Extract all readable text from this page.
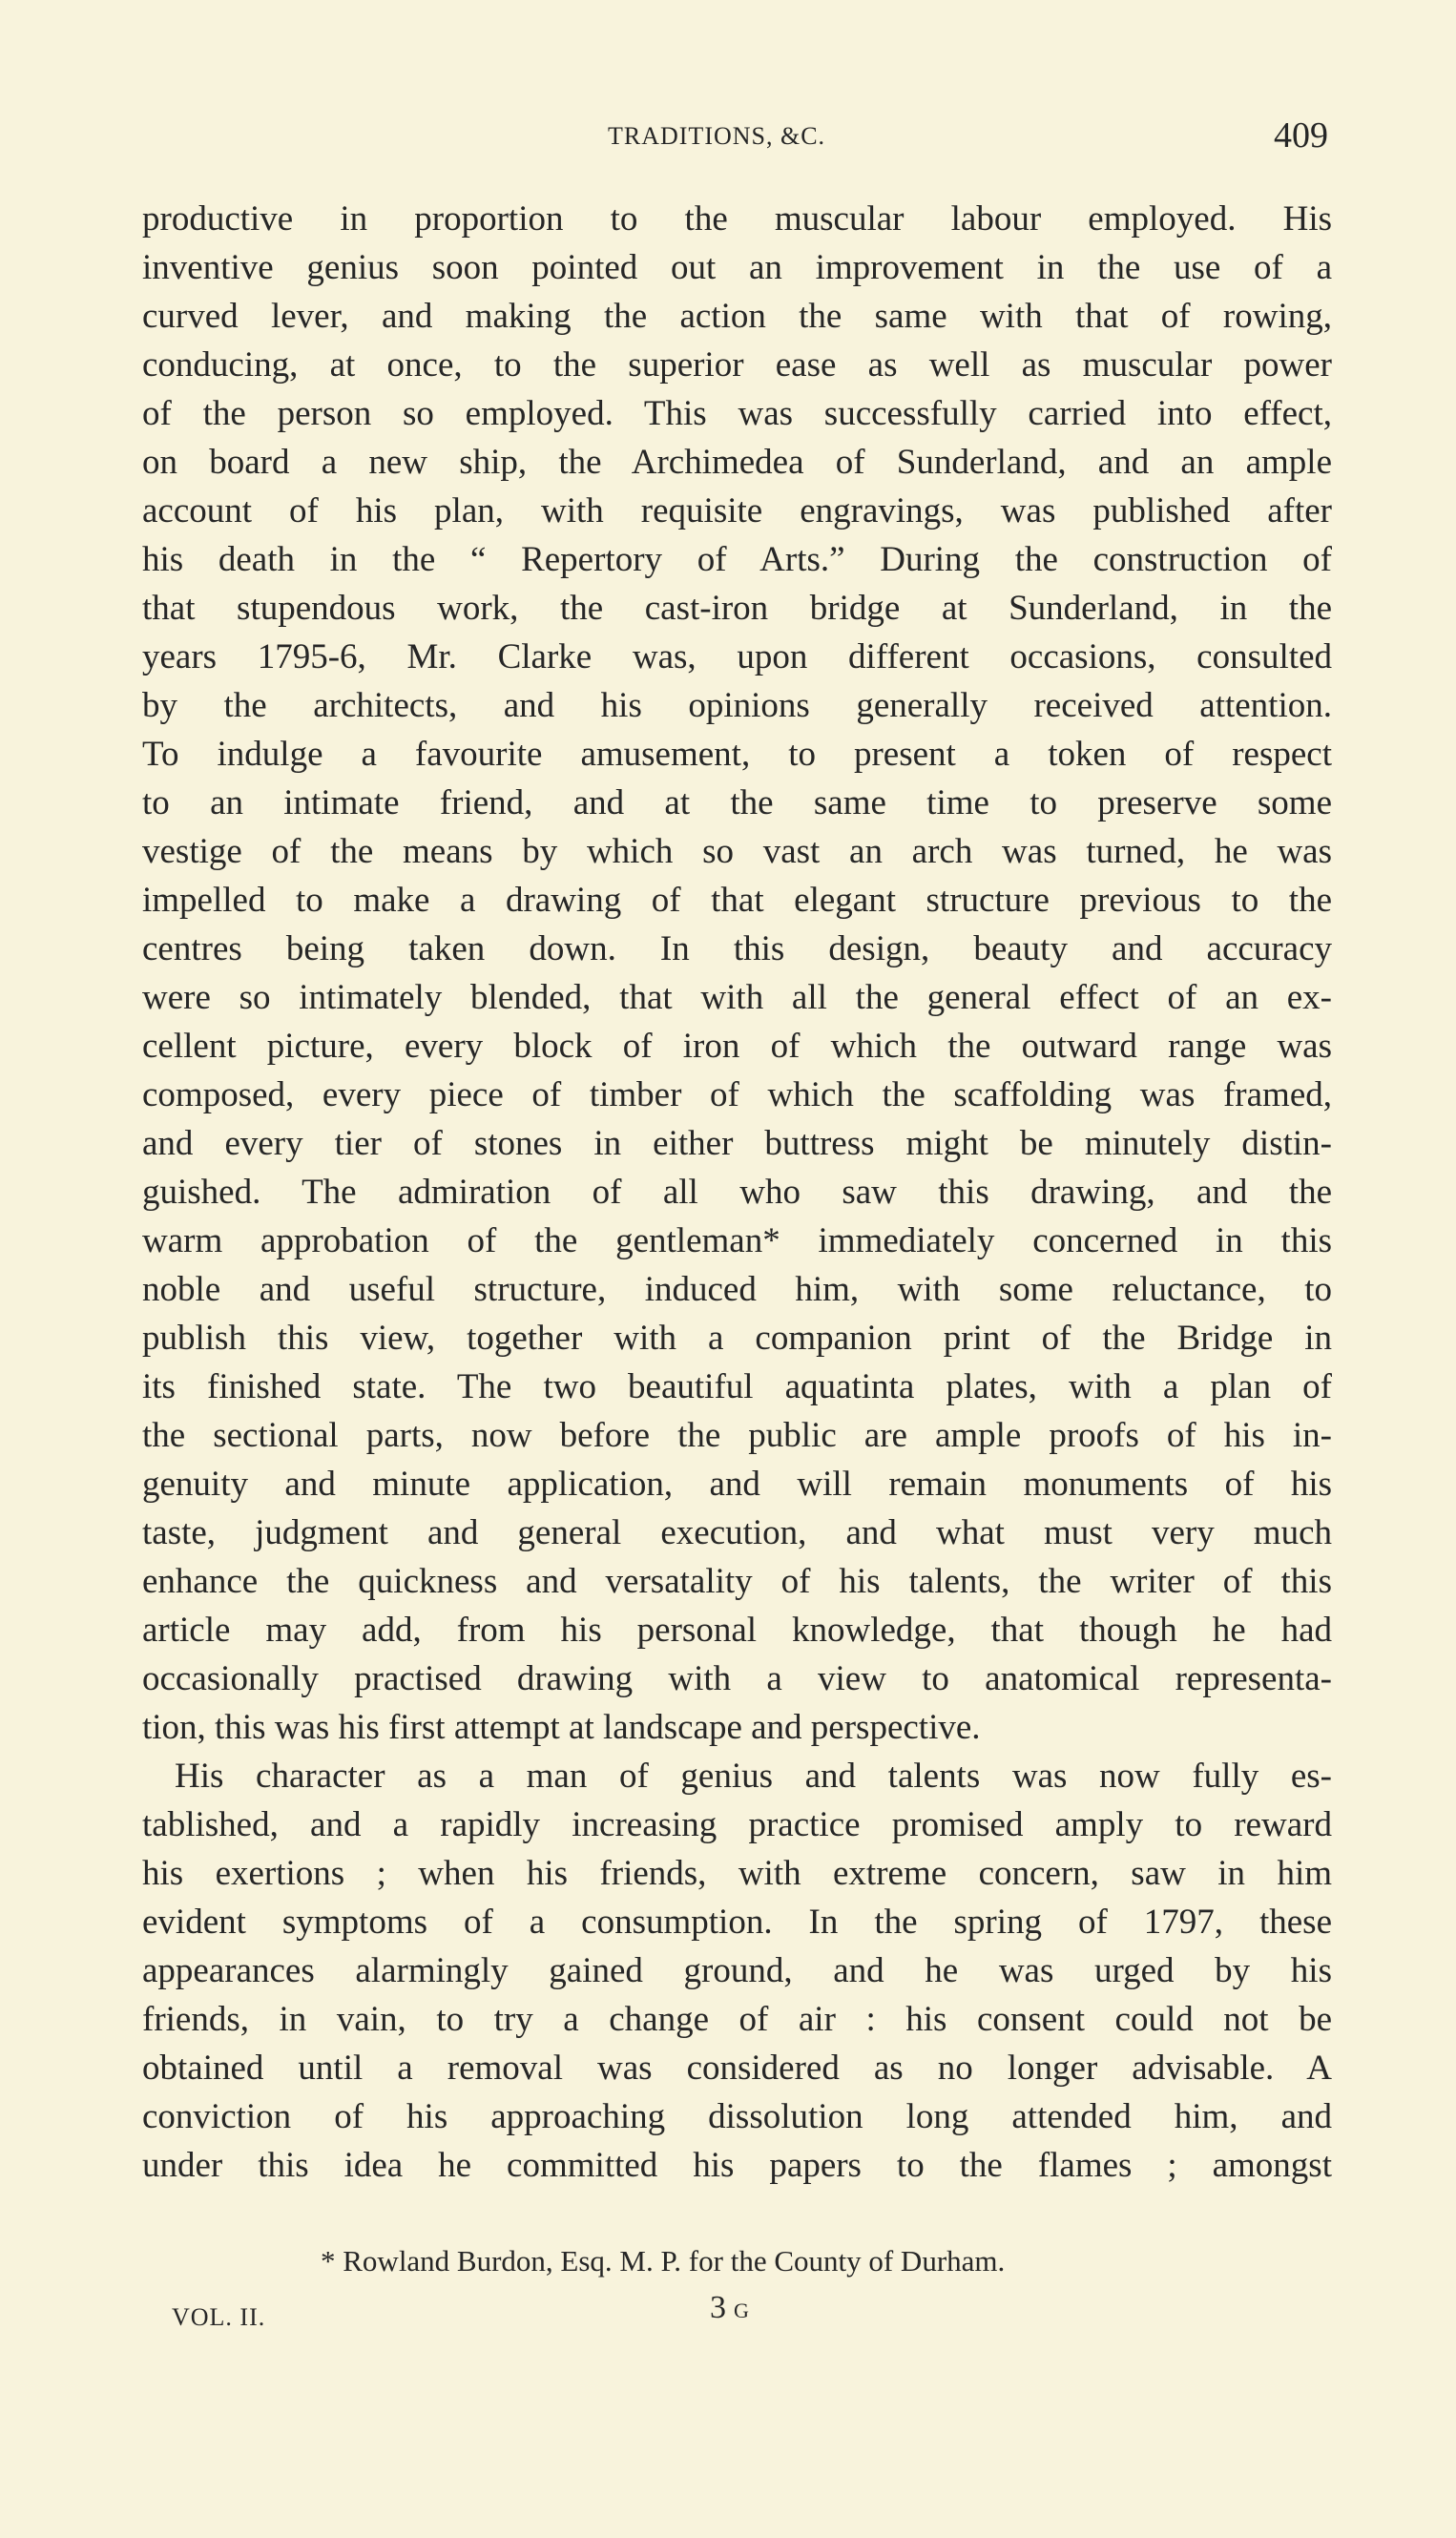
TRADITIONS, &C.	409
productive in proportion to the muscular labour employed. His
inventive genius soon pointed out an improvement in the use of a
curved lever, and making the action the same with that of rowing,
conducing, at once, to the superior ease as well as muscular power
of the person so employed. This was successfully carried into effect,
on board a new ship, the Archimedea of Sunderland, and an ample
account of his plan, with requisite engravings, was published after
his death in the “ Repertory of Arts.” During the construction of
that stupendous work, the cast-iron bridge at Sunderland, in the
years 1795-6, Mr. Clarke was, upon different occasions, consulted
by the architects, and his opinions generally received attention.
To indulge a favourite amusement, to present a token of respect
to an intimate friend, and at the same time to preserve some
vestige of the means by which so vast an arch was turned, he was
impelled to make a drawing of that elegant structure previous to the
centres being taken down. In this design, beauty and accuracy
were so intimately blended, that with all the general effect of an ex-
cellent picture, every block of iron of which the outward range was
composed, every piece of timber of which the scaffolding was framed,
and every tier of stones in either buttress might be minutely distin-
guished. The admiration of all who saw this drawing, and the
warm approbation of the gentleman* immediately concerned in this
noble and useful structure, induced him, with some reluctance, to
publish this view, together with a companion print of the Bridge in
its finished state. The two beautiful aquatinta plates, with a plan of
the sectional parts, now before the public are ample proofs of his in-
genuity and minute application, and will remain monuments of his
taste, judgment and general execution, and what must very much
enhance the quickness and versatality of his talents, the writer of this
article may add, from his personal knowledge, that though he had
occasionally practised drawing with a view to anatomical representa-
tion, this was his first attempt at landscape and perspective.
His character as a man of genius and talents was now fully es-
tablished, and a rapidly increasing practice promised amply to reward
his exertions ; when his friends, with extreme concern, saw in him
evident symptoms of a consumption. In the spring of 1797, these
appearances alarmingly gained ground, and he was urged by his
friends, in vain, to try a change of air : his consent could not be
obtained until a removal was considered as no longer advisable. A
conviction of his approaching dissolution long attended him, and
under this idea he committed his papers to the flames ; amongst
* Rowland Burdon, Esq. M. P. for the County of Durham.
VOL. II.	3 G
